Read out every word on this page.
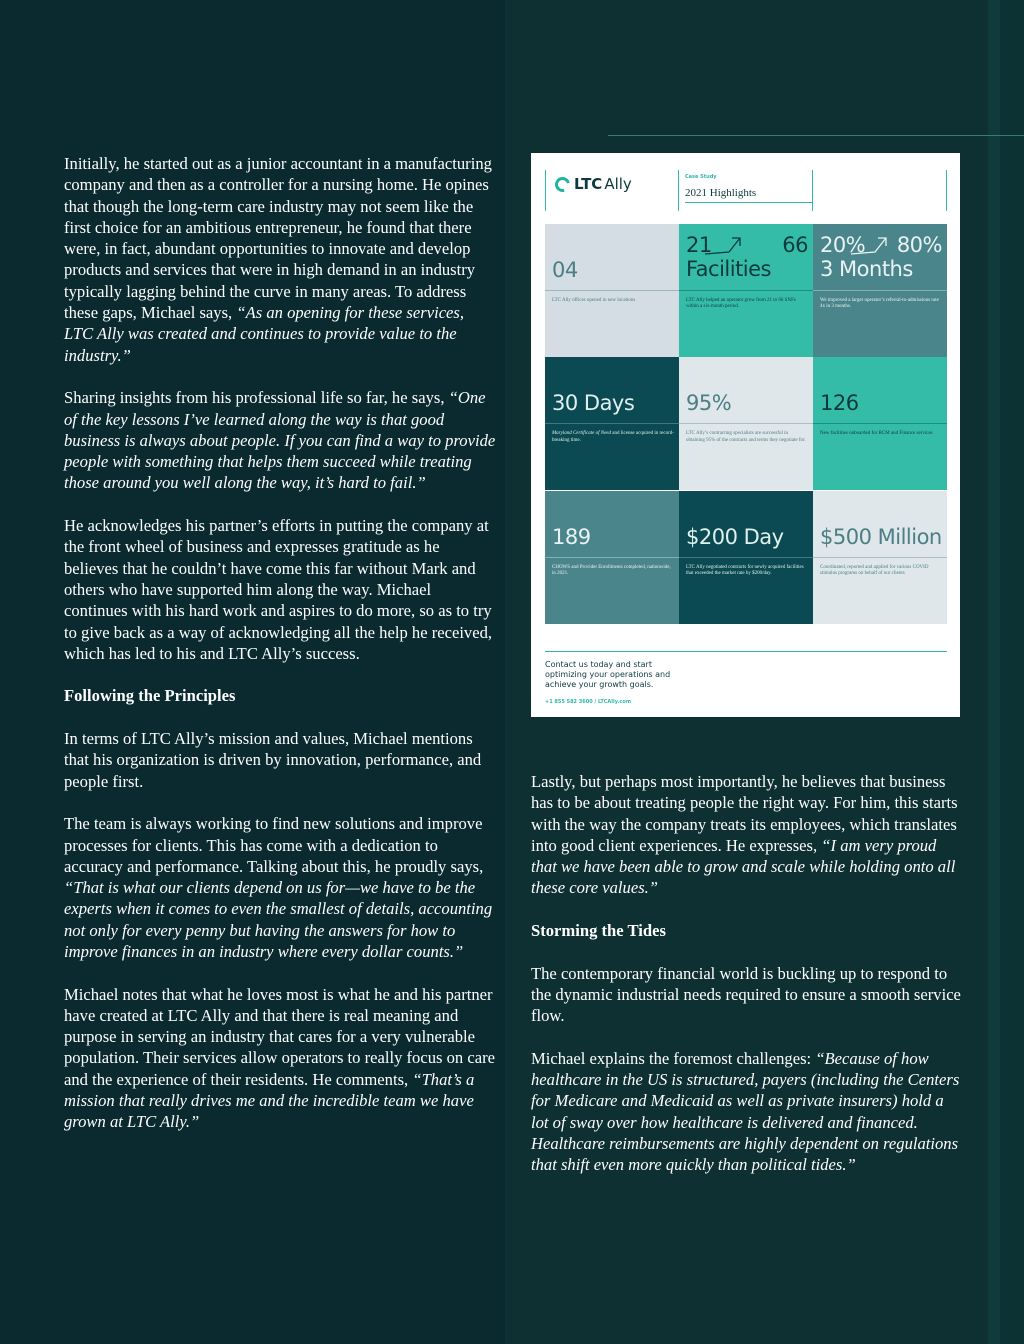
Initially, he started out as a junior accountant in a manufacturing company and then as a controller for a nursing home. He opines that though the long-term care industry may not seem like the first choice for an ambitious entrepreneur, he found that there were, in fact, abundant opportunities to innovate and develop products and services that were in high demand in an industry typically lagging behind the curve in many areas. To address these gaps, Michael says, “As an opening for these services, LTC Ally was created and continues to provide value to the industry.”

Sharing insights from his professional life so far, he says, “One of the key lessons I’ve learned along the way is that good business is always about people. If you can find a way to provide people with something that helps them succeed while treating those around you well along the way, it’s hard to fail.”

He acknowledges his partner’s efforts in putting the company at the front wheel of business and expresses gratitude as he believes that he couldn’t have come this far without Mark and others who have supported him along the way. Michael continues with his hard work and aspires to do more, so as to try to give back as a way of acknowledging all the help he received, which has led to his and LTC Ally’s success.

Following the Principles

In terms of LTC Ally’s mission and values, Michael mentions that his organization is driven by innovation, performance, and people first.

The team is always working to find new solutions and improve processes for clients. This has come with a dedication to accuracy and performance. Talking about this, he proudly says, “That is what our clients depend on us for—we have to be the experts when it comes to even the smallest of details, accounting not only for every penny but having the answers for how to improve finances in an industry where every dollar counts.”

Michael notes that what he loves most is what he and his partner have created at LTC Ally and that there is real meaning and purpose in serving an industry that cares for a very vulnerable population. Their services allow operators to really focus on care and the experience of their residents. He comments, “That’s a mission that really drives me and the incredible team we have grown at LTC Ally.”

LTC Ally	Case Study
2021 Highlights
04
LTC Ally offices opened in new locations
21	66
Facilities
LTC Ally helped an operator grow from 21 to 66 SNFs within a six-month period.
20% 80%
3 Months
We improved a larger operator’s referral-to-admissions rate 4x in 3 months.
30 Days
Maryland Certificate of Need and license acquired in record-breaking time.
95%
LTC Ally’s contracting specialists are successful in obtaining 95% of the contracts and terms they negotiate for.
126
New facilities onboarded for RCM and Finance services
189
CHOWS and Provider Enrollments completed, nationwide, in 2021.
$200 Day
LTC Ally negotiated contracts for newly acquired facilities that exceeded the market rate by $200/day.
$500 Million
Coordinated, reported and applied for various COVID stimulus programs on behalf of our clients
Contact us today and start optimizing your operations and achieve your growth goals.
+1 855 582 3600 / LTCAlly.com

Lastly, but perhaps most importantly, he believes that business has to be about treating people the right way. For him, this starts with the way the company treats its employees, which translates into good client experiences. He expresses, “I am very proud that we have been able to grow and scale while holding onto all these core values.”

Storming the Tides

The contemporary financial world is buckling up to respond to the dynamic industrial needs required to ensure a smooth service flow.

Michael explains the foremost challenges: “Because of how healthcare in the US is structured, payers (including the Centers for Medicare and Medicaid as well as private insurers) hold a lot of sway over how healthcare is delivered and financed. Healthcare reimbursements are highly dependent on regulations that shift even more quickly than political tides.”
